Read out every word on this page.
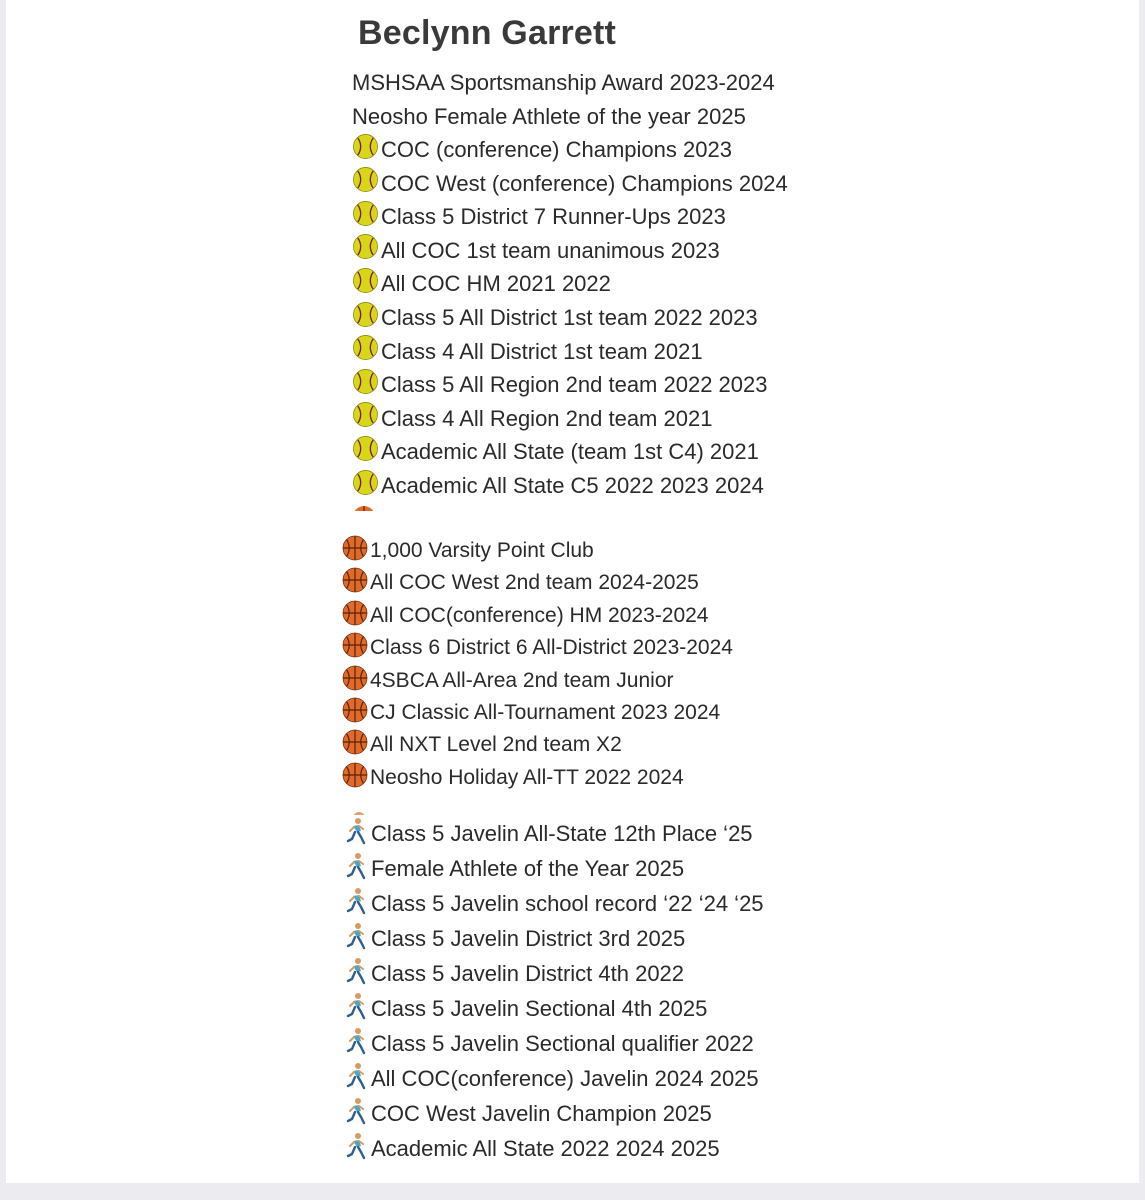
Beclynn Garrett
MSHSAA Sportsmanship Award 2023-2024
Neosho Female Athlete of the year 2025
COC (conference) Champions 2023
COC West (conference) Champions 2024
Class 5 District 7 Runner-Ups 2023
All COC 1st team unanimous 2023
All COC HM 2021 2022
Class 5 All District 1st team 2022 2023
Class 4 All District 1st team 2021
Class 5 All Region 2nd team 2022 2023
Class 4 All Region 2nd team 2021
Academic All State (team 1st C4) 2021
Academic All State C5 2022 2023 2024
1,000 Varsity Point Club
All COC West 2nd team 2024-2025
All COC(conference) HM 2023-2024
Class 6 District 6 All-District 2023-2024
4SBCA All-Area 2nd team Junior
CJ Classic All-Tournament 2023 2024
All NXT Level 2nd team X2
Neosho Holiday All-TT 2022 2024
Class 5 Javelin All-State 12th Place ‘25
Female Athlete of the Year 2025
Class 5 Javelin school record ‘22 ‘24 ‘25
Class 5 Javelin District 3rd 2025
Class 5 Javelin District 4th 2022
Class 5 Javelin Sectional 4th 2025
Class 5 Javelin Sectional qualifier 2022
All COC(conference) Javelin 2024 2025
COC West Javelin Champion 2025
Academic All State 2022 2024 2025
